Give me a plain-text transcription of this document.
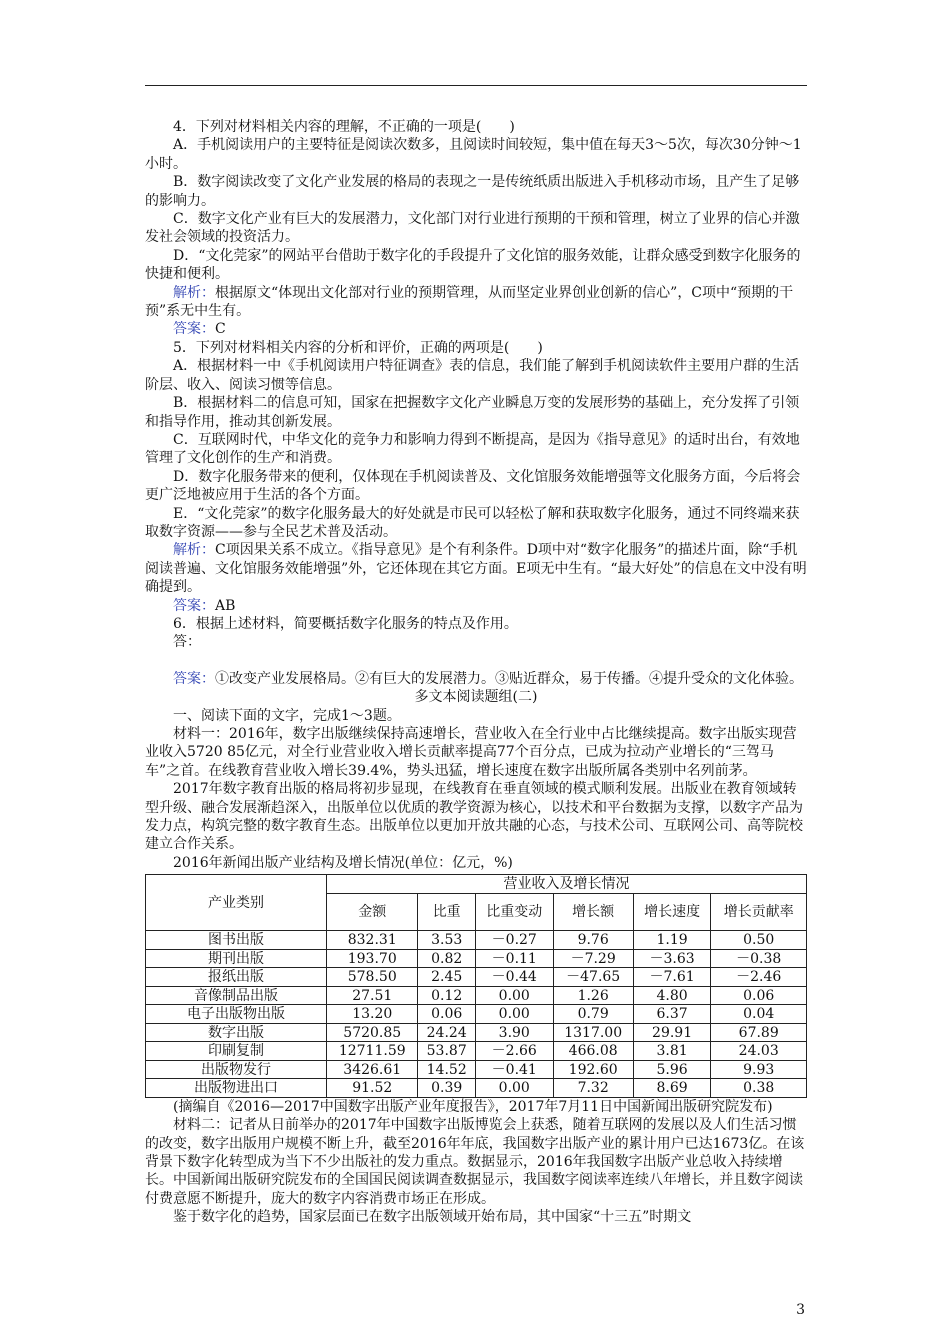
4．下列对材料相关内容的理解，不正确的一项是(　　)

A．手机阅读用户的主要特征是阅读次数多，且阅读时间较短，集中值在每天3～5次，每次30分钟～1小时。

B．数字阅读改变了文化产业发展的格局的表现之一是传统纸质出版进入手机移动市场，且产生了足够的影响力。

C．数字文化产业有巨大的发展潜力，文化部门对行业进行预期的干预和管理，树立了业界的信心并激发社会领域的投资活力。

D．“文化莞家”的网站平台借助于数字化的手段提升了文化馆的服务效能，让群众感受到数字化服务的快捷和便利。

解析：根据原文“体现出文化部对行业的预期管理，从而坚定业界创业创新的信心”，C项中“预期的干预”系无中生有。

答案：C

5．下列对材料相关内容的分析和评价，正确的两项是(　　)

A．根据材料一中《手机阅读用户特征调查》表的信息，我们能了解到手机阅读软件主要用户群的生活阶层、收入、阅读习惯等信息。

B．根据材料二的信息可知，国家在把握数字文化产业瞬息万变的发展形势的基础上，充分发挥了引领和指导作用，推动其创新发展。

C．互联网时代，中华文化的竞争力和影响力得到不断提高，是因为《指导意见》的适时出台，有效地管理了文化创作的生产和消费。

D．数字化服务带来的便利，仅体现在手机阅读普及、文化馆服务效能增强等文化服务方面，今后将会更广泛地被应用于生活的各个方面。

E．“文化莞家”的数字化服务最大的好处就是市民可以轻松了解和获取数字化服务，通过不同终端来获取数字资源——参与全民艺术普及活动。

解析：C项因果关系不成立。《指导意见》是个有利条件。D项中对“数字化服务”的描述片面，除“手机阅读普遍、文化馆服务效能增强”外，它还体现在其它方面。E项无中生有。“最大好处”的信息在文中没有明确提到。

答案：AB

6．根据上述材料，简要概括数字化服务的特点及作用。

答：

答案：①改变产业发展格局。②有巨大的发展潜力。③贴近群众，易于传播。④提升受众的文化体验。

多文本阅读题组(二)

一、阅读下面的文字，完成1～3题。

材料一：2016年，数字出版继续保持高速增长，营业收入在全行业中占比继续提高。数字出版实现营业收入5720 85亿元，对全行业营业收入增长贡献率提高77个百分点，已成为拉动产业增长的“三驾马车”之首。在线教育营业收入增长39.4%，势头迅猛，增长速度在数字出版所属各类别中名列前茅。

2017年数字教育出版的格局将初步显现，在线教育在垂直领域的模式顺利发展。出版业在教育领域转型升级、融合发展渐趋深入，出版单位以优质的教学资源为核心，以技术和平台数据为支撑，以数字产品为发力点，构筑完整的数字教育生态。出版单位以更加开放共融的心态，与技术公司、互联网公司、高等院校建立合作关系。

2016年新闻出版产业结构及增长情况(单位：亿元，%)

产业类别	营业收入及增长情况					
	金额	比重	比重变动	增长额	增长速度	增长贡献率
图书出版	832.31	3.53	－0.27	9.76	1.19	0.50
期刊出版	193.70	0.82	－0.11	－7.29	－3.63	－0.38
报纸出版	578.50	2.45	－0.44	－47.65	－7.61	－2.46
音像制品出版	27.51	0.12	0.00	1.26	4.80	0.06
电子出版物出版	13.20	0.06	0.00	0.79	6.37	0.04
数字出版	5720.85	24.24	3.90	1317.00	29.91	67.89
印刷复制	12711.59	53.87	－2.66	466.08	3.81	24.03
出版物发行	3426.61	14.52	－0.41	192.60	5.96	9.93
出版物进出口	91.52	0.39	0.00	7.32	8.69	0.38

(摘编自《2016—2017中国数字出版产业年度报告》，2017年7月11日中国新闻出版研究院发布)

材料二：记者从日前举办的2017年中国数字出版博览会上获悉，随着互联网的发展以及人们生活习惯的改变，数字出版用户规模不断上升，截至2016年年底，我国数字出版产业的累计用户已达1673亿。在该背景下数字化转型成为当下不少出版社的发力重点。数据显示，2016年我国数字出版产业总收入持续增长。中国新闻出版研究院发布的全国国民阅读调查数据显示，我国数字阅读率连续八年增长，并且数字阅读付费意愿不断提升，庞大的数字内容消费市场正在形成。

鉴于数字化的趋势，国家层面已在数字出版领域开始布局，其中国家“十三五”时期文

3
